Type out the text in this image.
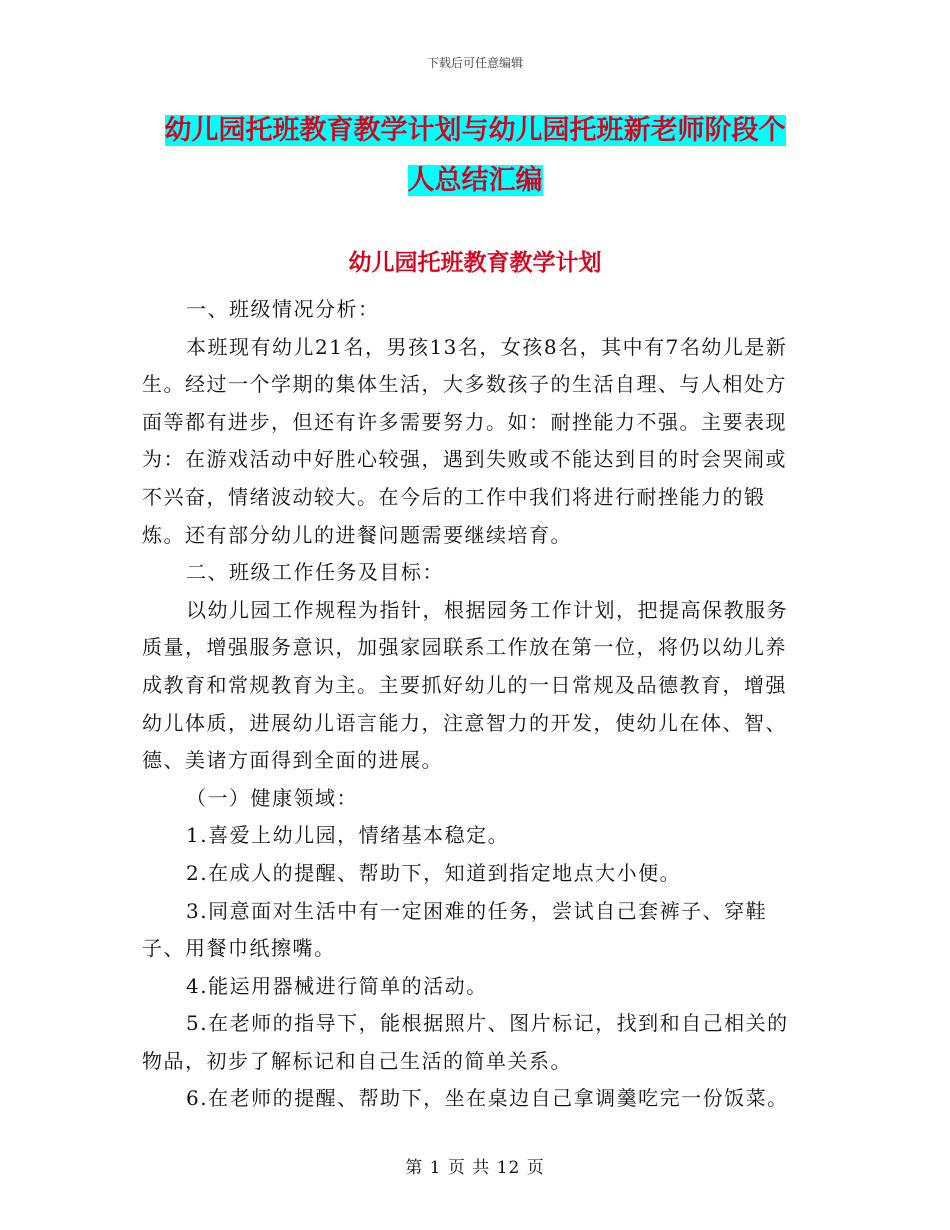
下载后可任意编辑
幼儿园托班教育教学计划与幼儿园托班新老师阶段个
人总结汇编
幼儿园托班教育教学计划

一、班级情况分析：

本班现有幼儿21名，男孩13名，女孩8名，其中有7名幼儿是新生。经过一个学期的集体生活，大多数孩子的生活自理、与人相处方面等都有进步，但还有许多需要努力。如：耐挫能力不强。主要表现为：在游戏活动中好胜心较强，遇到失败或不能达到目的时会哭闹或不兴奋，情绪波动较大。在今后的工作中我们将进行耐挫能力的锻炼。还有部分幼儿的进餐问题需要继续培育。

二、班级工作任务及目标：

以幼儿园工作规程为指针，根据园务工作计划，把提高保教服务质量，增强服务意识，加强家园联系工作放在第一位，将仍以幼儿养成教育和常规教育为主。主要抓好幼儿的一日常规及品德教育，增强幼儿体质，进展幼儿语言能力，注意智力的开发，使幼儿在体、智、德、美诸方面得到全面的进展。

（一）健康领域：

1.喜爱上幼儿园，情绪基本稳定。

2.在成人的提醒、帮助下，知道到指定地点大小便。

3.同意面对生活中有一定困难的任务，尝试自己套裤子、穿鞋子、用餐巾纸擦嘴。

4.能运用器械进行简单的活动。

5.在老师的指导下，能根据照片、图片标记，找到和自己相关的物品，初步了解标记和自己生活的简单关系。

6.在老师的提醒、帮助下，坐在桌边自己拿调羹吃完一份饭菜。

第 1 页 共 12 页
